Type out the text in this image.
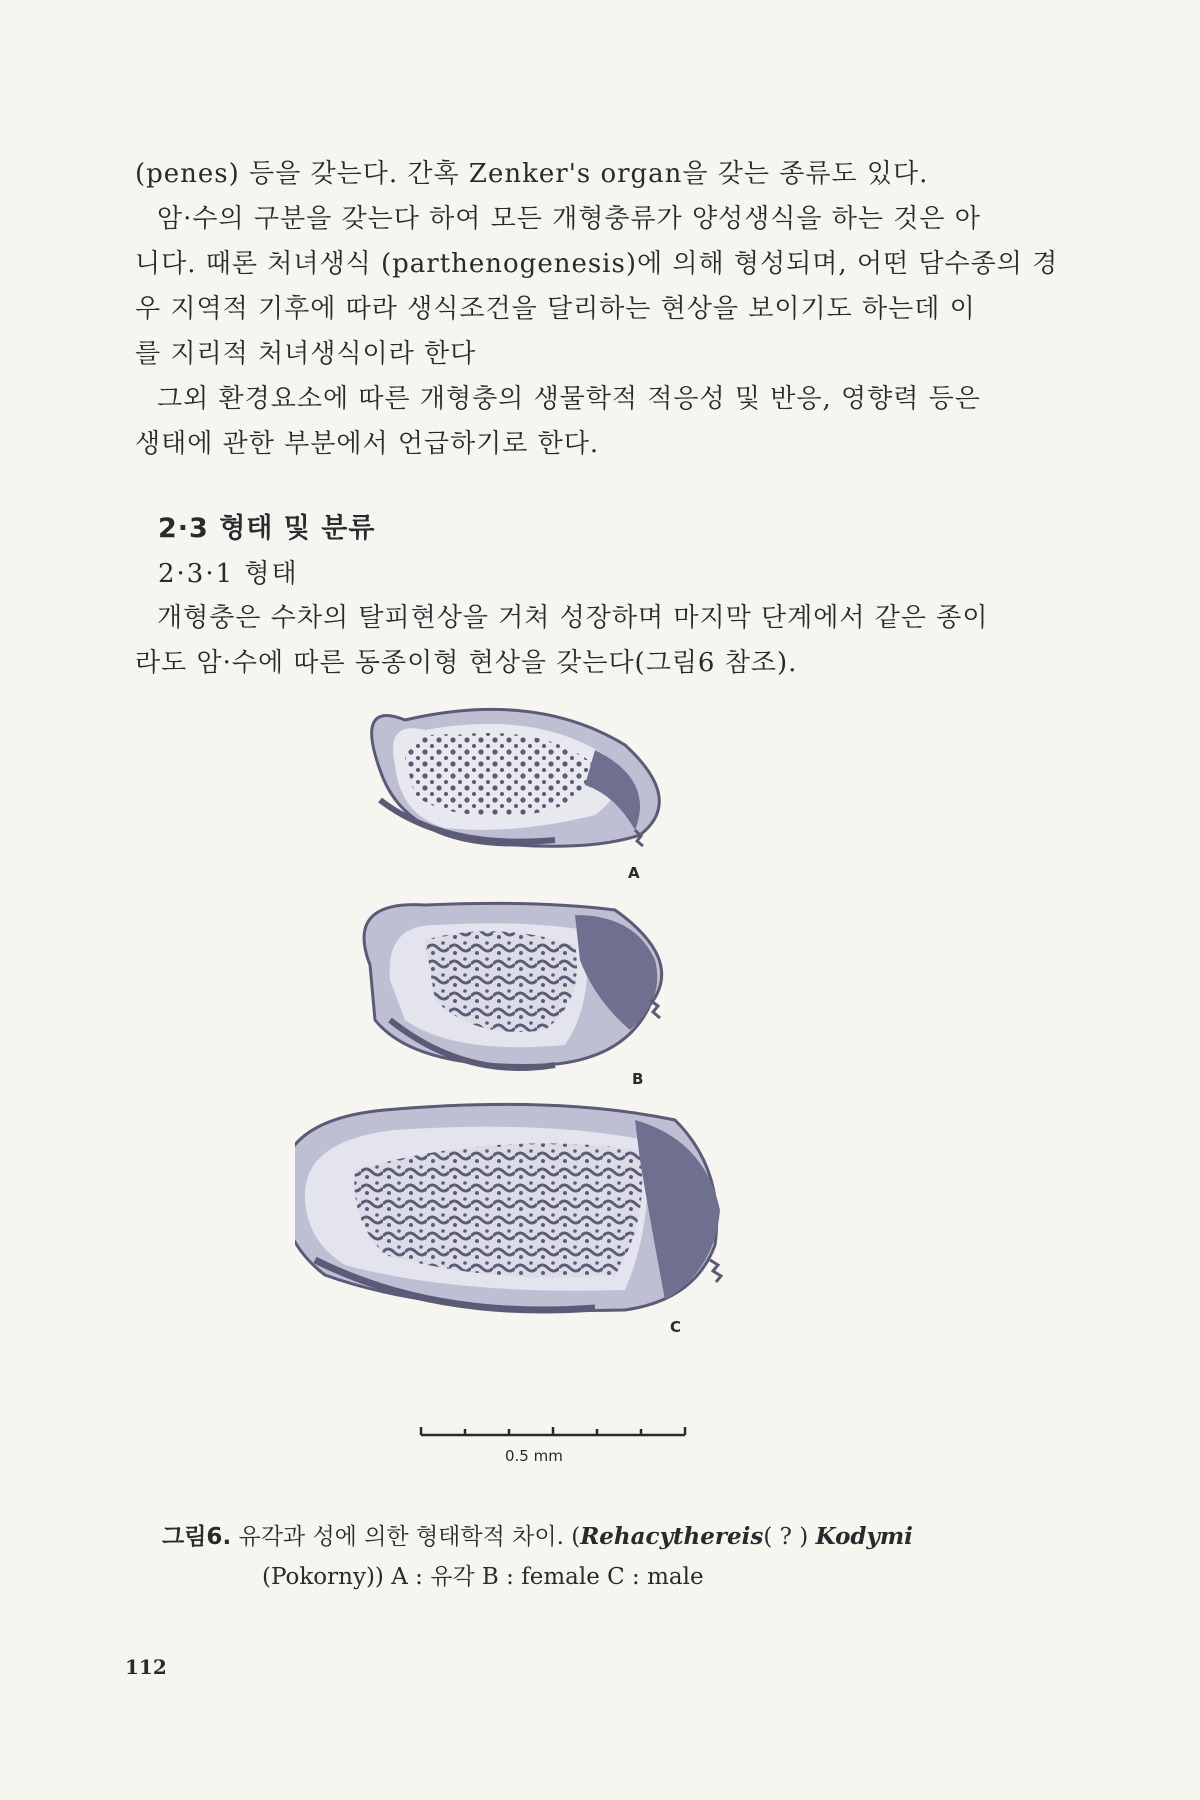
(penes) 등을 갖는다. 간혹 Zenker's organ을 갖는 종류도 있다.
암·수의 구분을 갖는다 하여 모든 개형충류가 양성생식을 하는 것은 아
니다. 때론 처녀생식 (parthenogenesis)에 의해 형성되며, 어떤 담수종의 경
우 지역적 기후에 따라 생식조건을 달리하는 현상을 보이기도 하는데 이
를 지리적 처녀생식이라 한다
그외 환경요소에 따른 개형충의 생물학적 적응성 및 반응, 영향력 등은
생태에 관한 부분에서 언급하기로 한다.
2·3 형태 및 분류
2·3·1 형태
개형충은 수차의 탈피현상을 거쳐 성장하며 마지막 단계에서 같은 종이
라도 암·수에 따른 동종이형 현상을 갖는다(그림6 참조).
A
B
C
0.5 mm
그림6. 유각과 성에 의한 형태학적 차이. (Rehacythereis( ? ) Kodymi
(Pokorny)) A : 유각 B : female C : male
112
